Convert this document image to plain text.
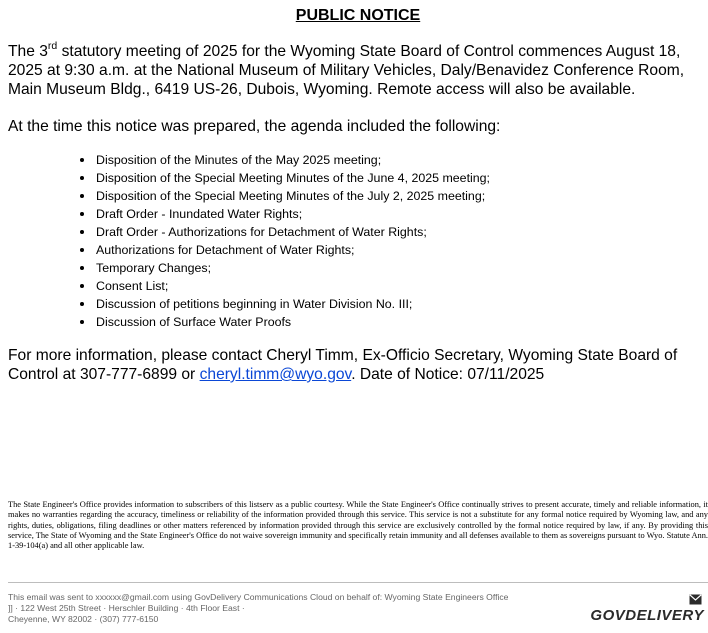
PUBLIC NOTICE
The 3rd statutory meeting of 2025 for the Wyoming State Board of Control commences August 18, 2025 at 9:30 a.m. at the National Museum of Military Vehicles, Daly/Benavidez Conference Room, Main Museum Bldg., 6419 US-26, Dubois, Wyoming. Remote access will also be available.
At the time this notice was prepared, the agenda included the following:
Disposition of the Minutes of the May 2025 meeting;
Disposition of the Special Meeting Minutes of the June 4, 2025 meeting;
Disposition of the Special Meeting Minutes of the July 2, 2025 meeting;
Draft Order - Inundated Water Rights;
Draft Order - Authorizations for Detachment of Water Rights;
Authorizations for Detachment of Water Rights;
Temporary Changes;
Consent List;
Discussion of petitions beginning in Water Division No. III;
Discussion of Surface Water Proofs
For more information, please contact Cheryl Timm, Ex-Officio Secretary, Wyoming State Board of Control at 307-777-6899 or cheryl.timm@wyo.gov. Date of Notice: 07/11/2025
The State Engineer's Office provides information to subscribers of this listserv as a public courtesy. While the State Engineer's Office continually strives to present accurate, timely and reliable information, it makes no warranties regarding the accuracy, timeliness or reliability of the information provided through this service. This service is not a substitute for any formal notice required by Wyoming law, and any rights, duties, obligations, filing deadlines or other matters referenced by information provided through this service are exclusively controlled by the formal notice required by law, if any. By providing this service, The State of Wyoming and the State Engineer's Office do not waive sovereign immunity and specifically retain immunity and all defenses available to them as sovereigns pursuant to Wyo. Statute Ann. 1-39-104(a) and all other applicable law.
This email was sent to xxxxxx@gmail.com using GovDelivery Communications Cloud on behalf of: Wyoming State Engineers Office
]] · 122 West 25th Street · Herschler Building · 4th Floor East ·
Cheyenne, WY 82002 · (307) 777-6150	GOVDELIVERY
